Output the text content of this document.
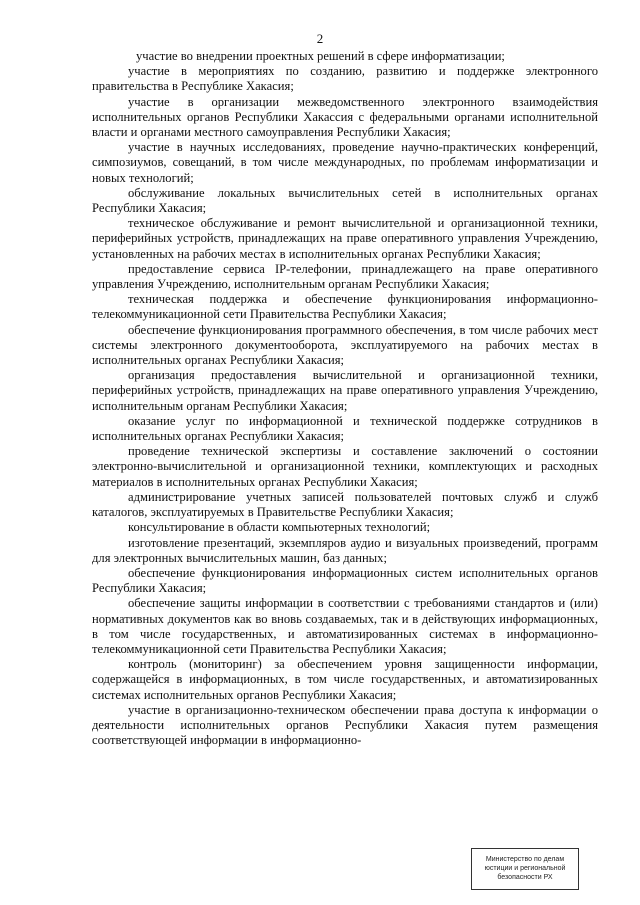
2

участие во внедрении проектных решений в сфере информатизации;

участие в мероприятиях по созданию, развитию и поддержке электронного правительства в Республике Хакасия;

участие в организации межведомственного электронного взаимодействия исполнительных органов Республики Хакассия с федеральными органами исполнительной власти и органами местного самоуправления Республики Хакасия;

участие в научных исследованиях, проведение научно-практических конференций, симпозиумов, совещаний, в том числе международных, по проблемам информатизации и новых технологий;

обслуживание локальных вычислительных сетей в исполнительных органах Республики Хакасия;

техническое обслуживание и ремонт вычислительной и организационной техники, периферийных устройств, принадлежащих на праве оперативного управления Учреждению, установленных на рабочих местах в исполнительных органах Республики Хакасия;

предоставление сервиса IP-телефонии, принадлежащего на праве оперативного управления Учреждению, исполнительным органам Республики Хакасия;

техническая поддержка и обеспечение функционирования информационно-телекоммуникационной сети Правительства Республики Хакасия;

обеспечение функционирования программного обеспечения, в том числе рабочих мест системы электронного документооборота, эксплуатируемого на рабочих местах в исполнительных органах Республики Хакасия;

организация предоставления вычислительной и организационной техники, периферийных устройств, принадлежащих на праве оперативного управления Учреждению, исполнительным органам Республики Хакасия;

оказание услуг по информационной и технической поддержке сотрудников в исполнительных органах Республики Хакасия;

проведение технической экспертизы и составление заключений о состоянии электронно-вычислительной и организационной техники, комплектующих и расходных материалов в исполнительных органах Республики Хакасия;

администрирование учетных записей пользователей почтовых служб и служб каталогов, эксплуатируемых в Правительстве Республики Хакасия;

консультирование в области компьютерных технологий;

изготовление презентаций, экземпляров аудио и визуальных произведений, программ для электронных вычислительных машин, баз данных;

обеспечение функционирования информационных систем исполнительных органов Республики Хакасия;

обеспечение защиты информации в соответствии с требованиями стандартов и (или) нормативных документов как во вновь создаваемых, так и в действующих информационных, в том числе государственных, и автоматизированных системах в информационно-телекоммуникационной сети Правительства Республики Хакасия;

контроль (мониторинг) за обеспечением уровня защищенности информации, содержащейся в информационных, в том числе государственных, и автоматизированных системах исполнительных органов Республики Хакасия;

участие в организационно-техническом обеспечении права доступа к информации о деятельности исполнительных органов Республики Хакасия путем размещения соответствующей информации в информационно-

Министерство по делам
юстиции и региональной
безопасности РХ
